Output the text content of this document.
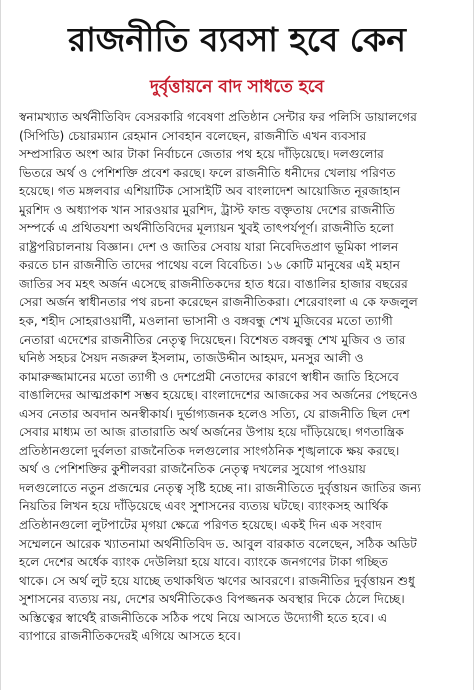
রাজনীতি ব্যবসা হবে কেন
দুর্বৃত্তায়নে বাদ সাধতে হবে
স্বনামখ্যাত অর্থনীতিবিদ বেসরকারি গবেষণা প্রতিষ্ঠান সেন্টার ফর পলিসি ডায়ালগের
(সিপিডি) চেয়ারম্যান রেহমান সোবহান বলেছেন, রাজনীতি এখন ব্যবসার
সম্প্রসারিত অংশ আর টাকা নির্বাচনে জেতার পথ হয়ে দাঁড়িয়েছে। দলগুলোর
ভিতরে অর্থ ও পেশিশক্তি প্রবেশ করছে। ফলে রাজনীতি ধনীদের খেলায় পরিণত
হয়েছে। গত মঙ্গলবার এশিয়াটিক সোসাইটি অব বাংলাদেশ আয়োজিত নূরজাহান
মুরশিদ ও অধ্যাপক খান সারওয়ার মুরশিদ, ট্রাস্ট ফান্ড বক্তৃতায় দেশের রাজনীতি
সম্পর্কে এ প্রথিতযশা অর্থনীতিবিদের মূল্যায়ন খুবই তাৎপর্যপূর্ণ। রাজনীতি হলো
রাষ্ট্রপরিচালনায় বিজ্ঞান। দেশ ও জাতির সেবায় যারা নিবেদিতপ্রাণ ভূমিকা পালন
করতে চান রাজনীতি তাদের পাথেয় বলে বিবেচিত। ১৬ কোটি মানুষের এই মহান
জাতির সব মহৎ অর্জন এসেছে রাজনীতিকদের হাত ধরে। বাঙালির হাজার বছরের
সেরা অর্জন স্বাধীনতার পথ রচনা করেছেন রাজনীতিকরা। শেরেবাংলা এ কে ফজলুল
হক, শহীদ সোহরাওয়ার্দী, মওলানা ভাসানী ও বঙ্গবন্ধু শেখ মুজিবের মতো ত্যাগী
নেতারা এদেশের রাজনীতির নেতৃত্ব দিয়েছেন। বিশেষত বঙ্গবন্ধু শেখ মুজিব ও তার
ঘনিষ্ঠ সহচর সৈয়দ নজরুল ইসলাম, তাজউদ্দীন আহমদ, মনসুর আলী ও
কামারুজ্জামানের মতো ত্যাগী ও দেশপ্রেমী নেতাদের কারণে স্বাধীন জাতি হিসেবে
বাঙালিদের আত্মপ্রকাশ সম্ভব হয়েছে। বাংলাদেশের আজকের সব অর্জনের পেছনেও
এসব নেতার অবদান অনস্বীকার্য। দুর্ভাগ্যজনক হলেও সত্যি, যে রাজনীতি ছিল দেশ
সেবার মাধ্যম তা আজ রাতারাতি অর্থ অর্জনের উপায় হয়ে দাঁড়িয়েছে। গণতান্ত্রিক
প্রতিষ্ঠানগুলো দুর্বলতা রাজনৈতিক দলগুলোর সাংগঠনিক শৃঙ্খলাকে ক্ষয় করছে।
অর্থ ও পেশিশক্তির কুশীলবরা রাজনৈতিক নেতৃত্ব দখলের সুযোগ পাওয়ায়
দলগুলোতে নতুন প্রজন্মের নেতৃত্ব সৃষ্টি হচ্ছে না। রাজনীতিতে দুর্বৃত্তায়ন জাতির জন্য
নিয়তির লিখন হয়ে দাঁড়িয়েছে এবং সুশাসনের ব্যত্যয় ঘটছে। ব্যাংকসহ আর্থিক
প্রতিষ্ঠানগুলো লুটপাটের মৃগয়া ক্ষেত্রে পরিণত হয়েছে। একই দিন এক সংবাদ
সম্মেলনে আরেক খ্যাতনামা অর্থনীতিবিদ ড. আবুল বারকাত বলেছেন, সঠিক অডিট
হলে দেশের অর্ধেক ব্যাংক দেউলিয়া হয়ে যাবে। ব্যাংকে জনগণের টাকা গচ্ছিত
থাকে। সে অর্থ লুট হয়ে যাচ্ছে তথাকথিত ঋণের আবরণে। রাজনীতির দুর্বৃত্তায়ন শুধু
সুশাসনের ব্যত্যয় নয়, দেশের অর্থনীতিকেও বিপজ্জনক অবস্থার দিকে ঠেলে দিচ্ছে।
অস্তিত্বের স্বার্থেই রাজনীতিকে সঠিক পথে নিয়ে আসতে উদ্যোগী হতে হবে। এ
ব্যাপারে রাজনীতিকদেরই এগিয়ে আসতে হবে।
